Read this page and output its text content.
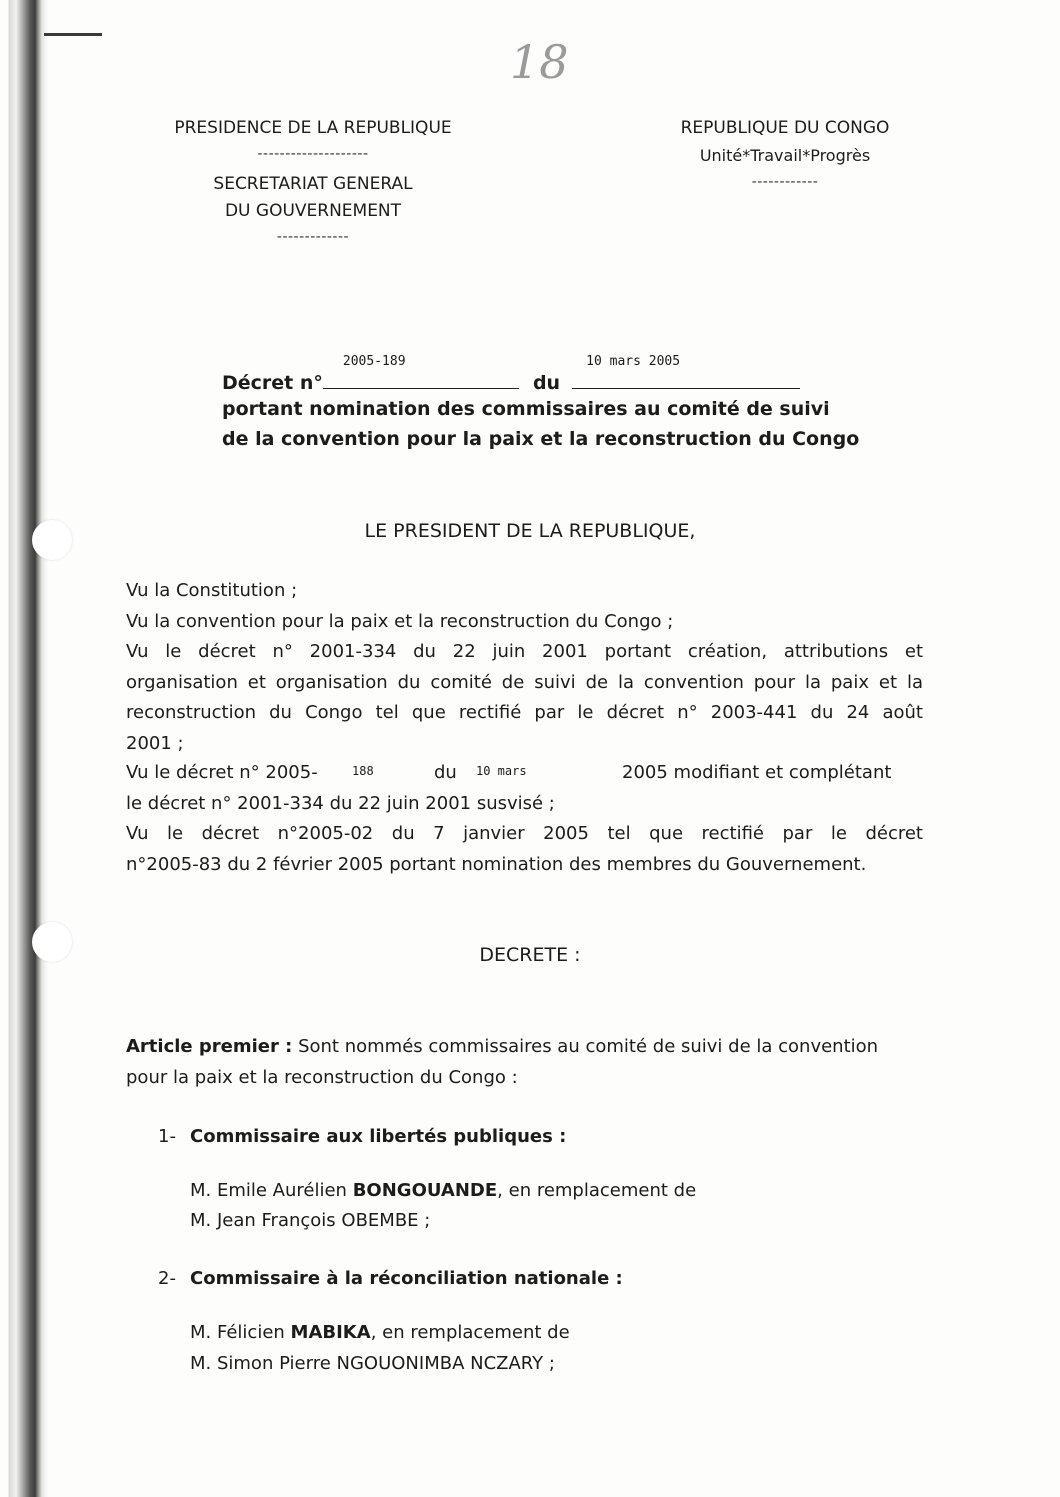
18
PRESIDENCE DE LA REPUBLIQUE
--------------------
SECRETARIAT GENERAL
DU GOUVERNEMENT
-------------
REPUBLIQUE DU CONGO
Unité*Travail*Progrès
------------
Décret n°
2005-189
du
10 mars 2005
portant nomination des commissaires au comité de suivi
de la convention pour la paix et la reconstruction du Congo
LE PRESIDENT DE LA REPUBLIQUE,
Vu la Constitution ;
Vu la convention pour la paix et la reconstruction du Congo ;
Vu le décret n° 2001-334 du 22 juin 2001 portant création, attributions et
organisation et organisation du comité de suivi de la convention pour la paix et la
reconstruction du Congo tel que rectifié par le décret n° 2003-441 du 24 août
2001 ;
Vu le décret n° 2005-	188	du 10 mars	2005 modifiant et complétant
le décret n° 2001-334 du 22 juin 2001 susvisé ;
Vu le décret n°2005-02 du 7 janvier 2005 tel que rectifié par le décret
n°2005-83 du 2 février 2005 portant nomination des membres du Gouvernement.
DECRETE :
Article premier : Sont nommés commissaires au comité de suivi de la convention
pour la paix et la reconstruction du Congo :
1- Commissaire aux libertés publiques :
M. Emile Aurélien BONGOUANDE, en remplacement de
M. Jean François OBEMBE ;
2- Commissaire à la réconciliation nationale :
M. Félicien MABIKA, en remplacement de
M. Simon Pierre NGOUONIMBA NCZARY ;
